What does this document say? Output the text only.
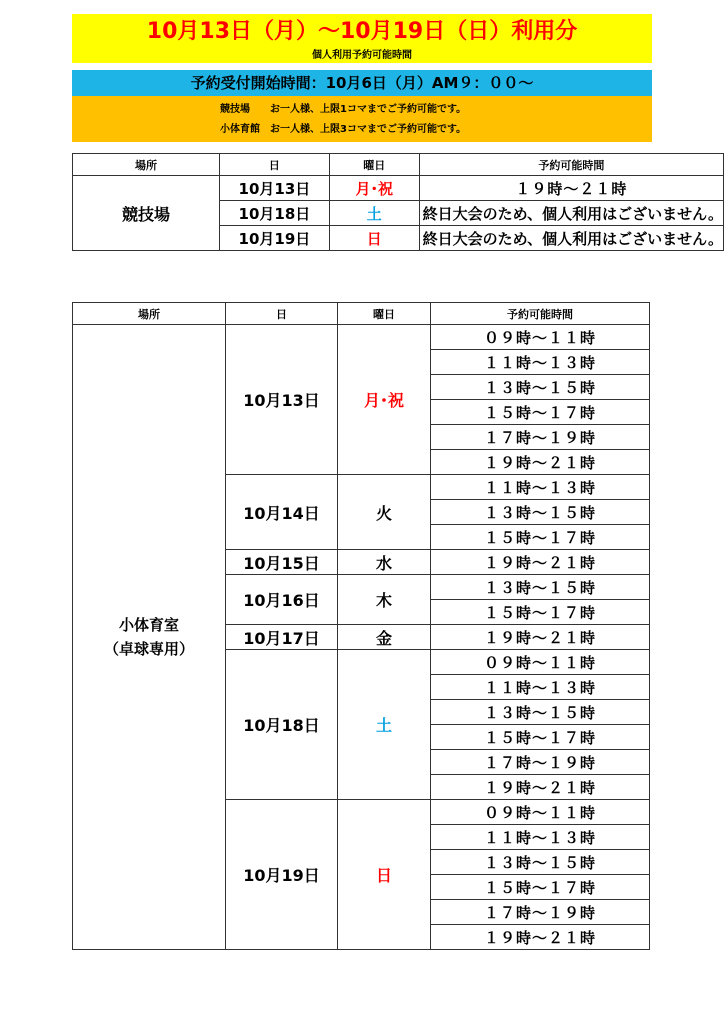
10月13日（月）～10月19日（日）利用分
個人利用予約可能時間
予約受付開始時間：10月6日（月）AM９：００～
競技場　　お一人様、上限1コマまでご予約可能です。
小体育館　お一人様、上限3コマまでご予約可能です。
場所	日	曜日	予約可能時間
競技場	10月13日	月･祝	１９時～２１時
	10月18日	土	終日大会のため、個人利用はございません。
	10月19日	日	終日大会のため、個人利用はございません。
場所	日	曜日	予約可能時間

小体育室
（卓球専用）	10月13日	月･祝	０９時～１１時
			１１時～１３時
			１３時～１５時
			１５時～１７時
			１７時～１９時
			１９時～２１時
	10月14日	火	１１時～１３時
			１３時～１５時
			１５時～１７時
	10月15日	水	１９時～２１時
	10月16日	木	１３時～１５時
			１５時～１７時
	10月17日	金	１９時～２１時
	10月18日	土	０９時～１１時
			１１時～１３時
			１３時～１５時
			１５時～１７時
			１７時～１９時
			１９時～２１時
	10月19日	日	０９時～１１時
			１１時～１３時
			１３時～１５時
			１５時～１７時
			１７時～１９時
			１９時～２１時
